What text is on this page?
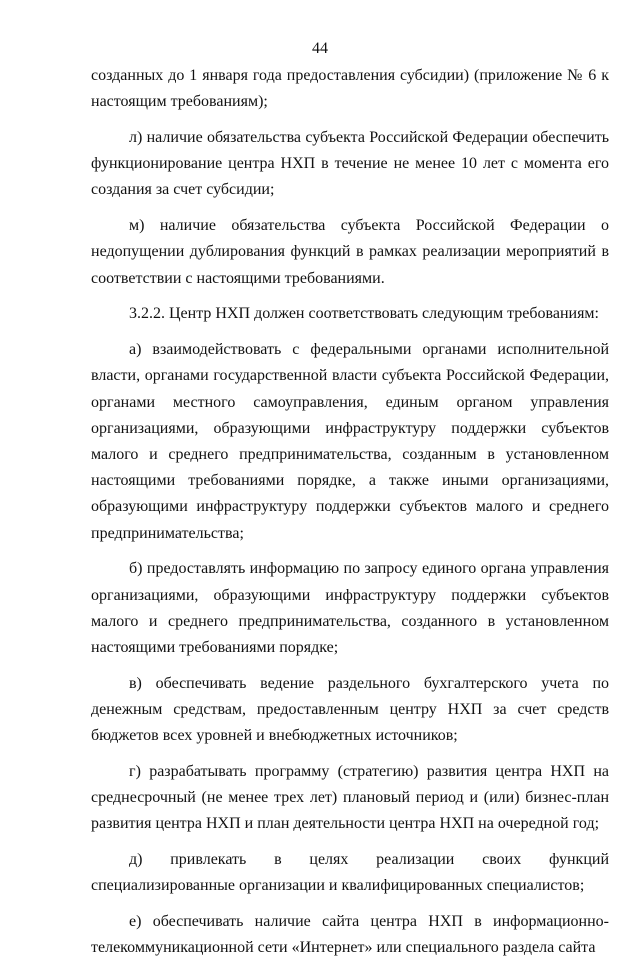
44

созданных до 1 января года предоставления субсидии) (приложение № 6 к настоящим требованиям);

л) наличие обязательства субъекта Российской Федерации обеспечить функционирование центра НХП в течение не менее 10 лет с момента его создания за счет субсидии;

м) наличие обязательства субъекта Российской Федерации о недопущении дублирования функций в рамках реализации мероприятий в соответствии с настоящими требованиями.

3.2.2. Центр НХП должен соответствовать следующим требованиям:

а) взаимодействовать с федеральными органами исполнительной власти, органами государственной власти субъекта Российской Федерации, органами местного самоуправления, единым органом управления организациями, образующими инфраструктуру поддержки субъектов малого и среднего предпринимательства, созданным в установленном настоящими требованиями порядке, а также иными организациями, образующими инфраструктуру поддержки субъектов малого и среднего предпринимательства;

б) предоставлять информацию по запросу единого органа управления организациями, образующими инфраструктуру поддержки субъектов малого и среднего предпринимательства, созданного в установленном настоящими требованиями порядке;

в) обеспечивать ведение раздельного бухгалтерского учета по денежным средствам, предоставленным центру НХП за счет средств бюджетов всех уровней и внебюджетных источников;

г) разрабатывать программу (стратегию) развития центра НХП на среднесрочный (не менее трех лет) плановый период и (или) бизнес-план развития центра НХП и план деятельности центра НХП на очередной год;

д) привлекать в целях реализации своих функций специализированные организации и квалифицированных специалистов;

е) обеспечивать наличие сайта центра НХП в информационно-телекоммуникационной сети «Интернет» или специального раздела сайта
